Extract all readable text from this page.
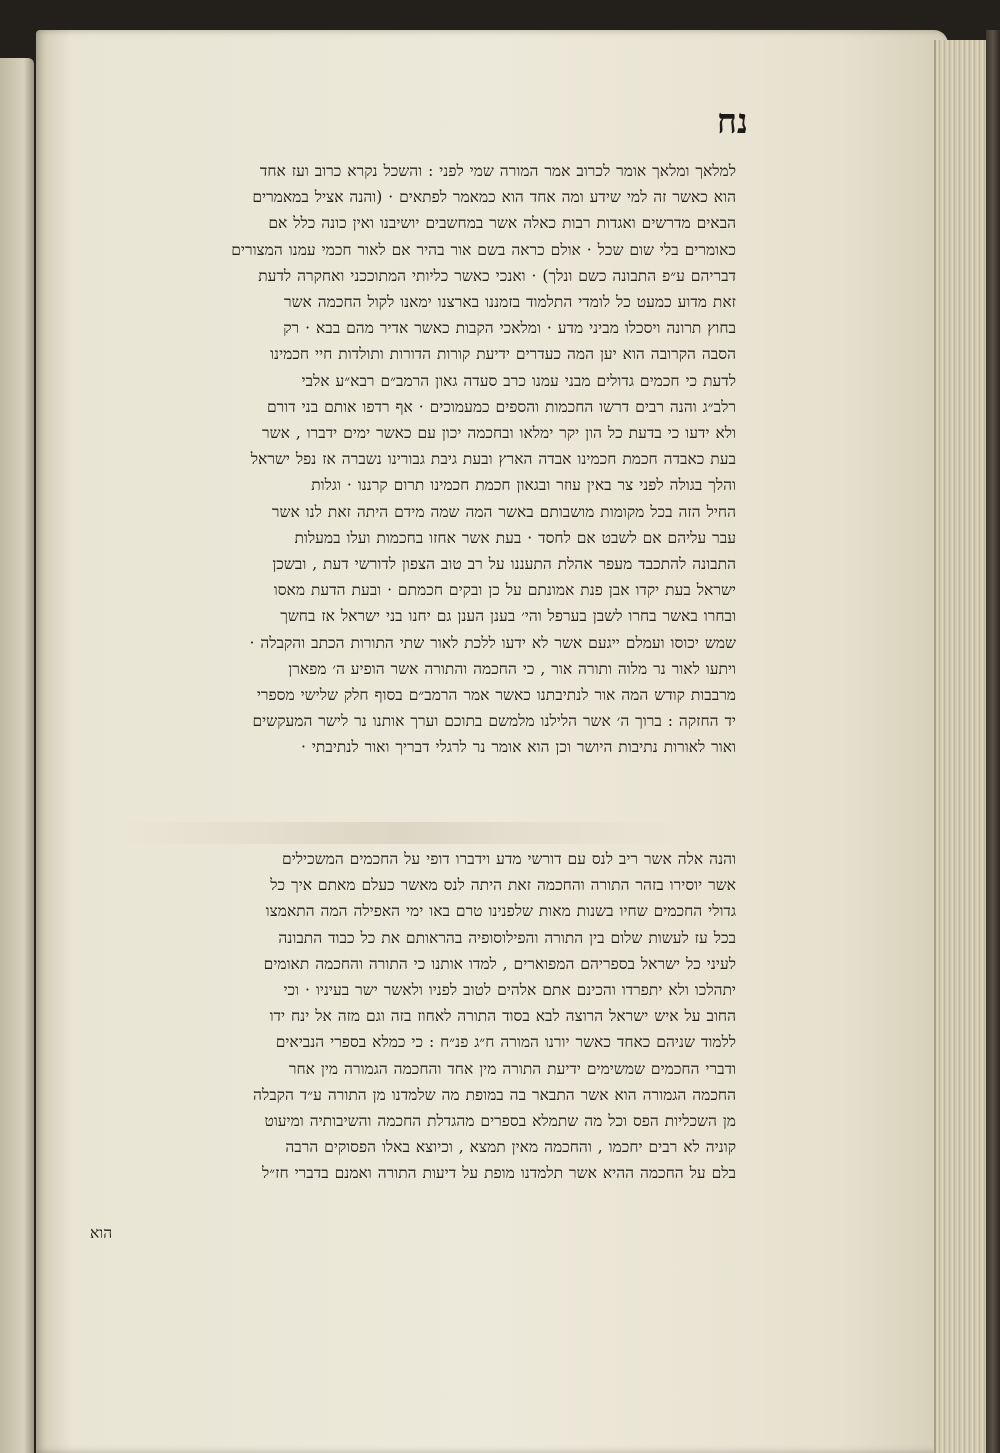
נח
למלאך ומלאך אומר לכרוב אמר המורה שמי לפני : והשכל נקרא כרוב ועז אחד
הוא כאשר זה למי שידע ומה אחד הוא כמאמר לפתאים · (והנה אציל במאמרים
הבאים מדרשים ואגדות רבות כאלה אשר במחשבים יושיבנו ואין כונה כלל אם
כאומרים בלי שום שכל · אולם כראה בשם אור בהיר אם לאור חכמי עמנו המצורים
דבריהם ע״פ התבונה כשם ונלך) · ואנכי כאשר כליותי המתוככני ואחקרה לדעת
זאת מדוע כמעט כל לומדי התלמוד בזמננו בארצנו ימאנו לקול החכמה אשר
בחוץ תרונה ויסכלו מביני מדע · ומלאכי הקבות כאשר אדיר מהם בבא · רק
הסבה הקרובה הוא יען המה כעדרים ידיעת קורות הדורות ותולדות חיי חכמינו
לדעת כי חכמים גדולים מבני עמנו כרב סעדה גאון הרמב״ם רבא״ע אלבי
רלב״ג והנה רבים דרשו החכמות והספים כמעמוכים · אף רדפו אותם בני דורם
ולא ידעו כי בדעת כל הון יקר ימלאו ובחכמה יכון עם כאשר ימים ידברו , אשר
בעת כאבדה חכמת חכמינו אבדה הארץ ובעת גיבת גבורינו נשברה אז נפל ישראל
והלך בגולה לפני צר באין עוזר ובגאון חכמת חכמינו תרום קרננו · וגלות
החיל הזה בכל מקומות מושבותם באשר המה שמה מידם היתה זאת לנו אשר
עבר עליהם אם לשבט אם לחסד · בעת אשר אחזו בחכמות ועלו במעלות
התבונה להתכבד מעפר אהלת התעננו על רב טוב הצפון לדורשי דעת , ובשכן
ישראל בעת יקדו אבן פנת אמונתם על כן ובקים חכמתם · ובעת הדעת מאסו
ובחרו באשר בחרו לשבן בערפל והי׳ בענן הענן גם יחנו בני ישראל אז בחשך
שמש יכוסו ועמלם ייגעם אשר לא ידעו ללכת לאור שתי התורות הכתב והקבלה ·
ויתעו לאור נר מלוה ותורה אור , כי החכמה והתורה אשר הופיע ה׳ מפארן
מרבבות קודש המה אור לנתיבתנו כאשר אמר הרמב״ם בסוף חלק שלישי מספרי
יד החזקה : ברוך ה׳ אשר הלילנו מלמשם בתוכם וערך אותנו נר לישר המעקשים
ואור לאורות נתיבות היושר וכן הוא אומר נר לרגלי דבריך ואור לנתיבתי ·
והנה אלה אשר ריב לנס עם דורשי מדע וידברו דופי על החכמים המשכילים
אשר יוסירו בזהר התורה והחכמה זאת היתה לנס מאשר כעלם מאתם איך כל
גדולי החכמים שחיו בשנות מאות שלפנינו טרם באו ימי האפילה המה התאמצו
בכל עז לעשות שלום בין התורה והפילוסופיה בהראותם את כל כבוד התבונה
לעיני כל ישראל בספריהם המפוארים , למדו אותנו כי התורה והחכמה תאומים
יתהלכו ולא יתפרדו והכינם אתם אלהים לטוב לפניו ולאשר ישר בעיניו · וכי
החוב על איש ישראל הרוצה לבא בסוד התורה לאחוז בזה וגם מזה אל ינח ידו
ללמוד שניהם כאחד כאשר יורנו המורה ח״ג פנ״ח : כי כמלא בספרי הנביאים
ודברי החכמים שמשימים ידיעת התורה מין אחד והחכמה הגמורה מין אחר
החכמה הגמורה הוא אשר התבאר בה במופת מה שלמדנו מן התורה ע״ד הקבלה
מן השכליות הפס וכל מה שתמלא בספרים מהגדלת החכמה והשיבותיה ומיעוט
קוניה לא רבים יחכמו , והחכמה מאין תמצא , וכיוצא באלו הפסוקים הרבה
בלם על החכמה ההיא אשר תלמדנו מופת על דיעות התורה ואמנם בדברי חז״ל
הוא
